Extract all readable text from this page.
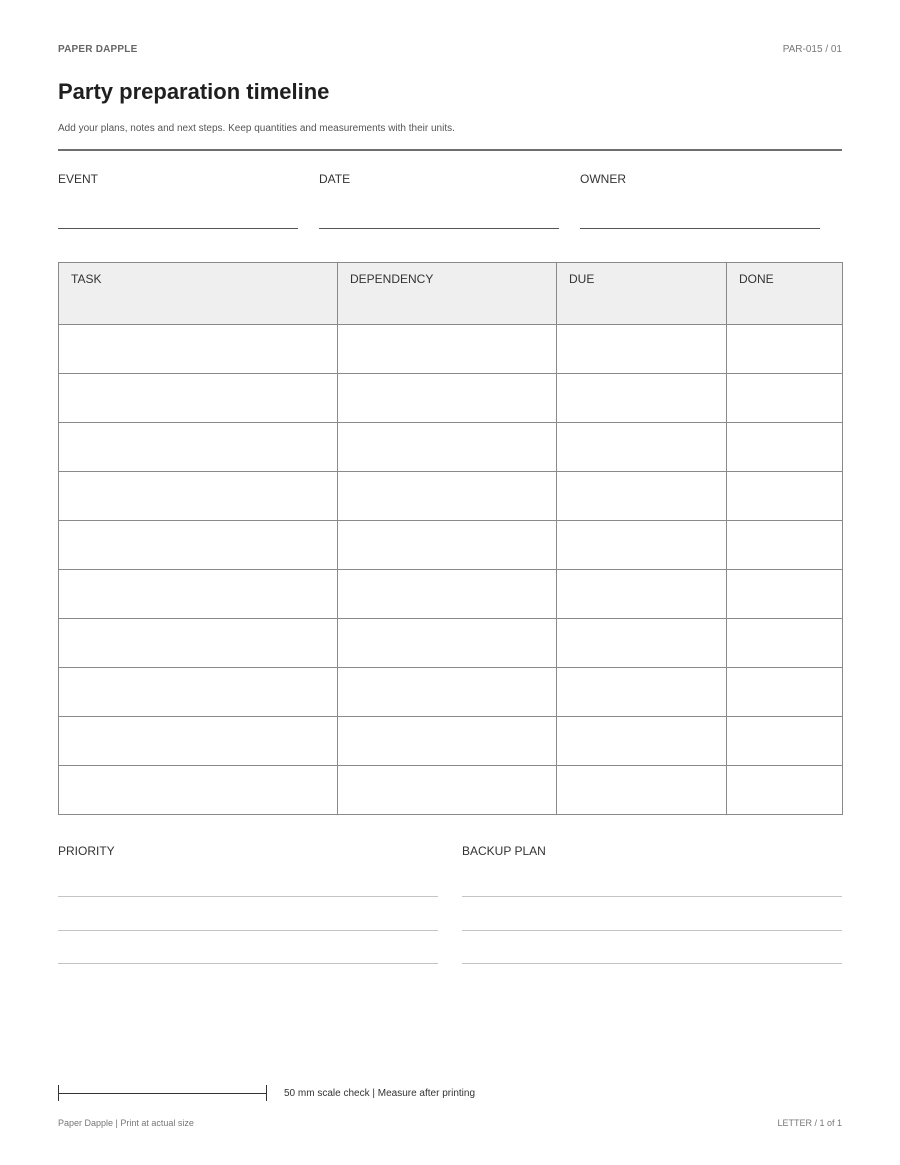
PAPER DAPPLE	PAR-015 / 01
Party preparation timeline
Add your plans, notes and next steps. Keep quantities and measurements with their units.
EVENT	DATE	OWNER
TASK	DEPENDENCY	DUE	DONE

PRIORITY	BACKUP PLAN
50 mm scale check | Measure after printing
Paper Dapple | Print at actual size	LETTER / 1 of 1
